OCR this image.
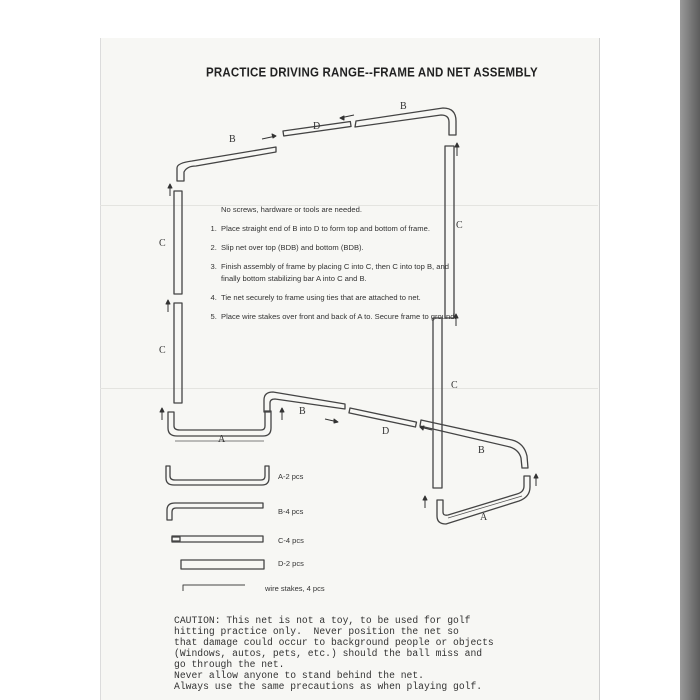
PRACTICE DRIVING RANGE--FRAME AND NET ASSEMBLY
B
B
D
C
C
C
C
A
B
D
B
A
No screws, hardware or tools are needed.
1. Place straight end of B into D to form top and bottom of frame.
2. Slip net over top (BDB) and bottom (BDB).
3. Finish assembly of frame by placing C into C, then C into top B, and finally bottom stabilizing bar A into C and B.
4. Tie net securely to frame using ties that are attached to net.
5. Place wire stakes over front and back of A to. Secure frame to ground.
A-2 pcs
B-4 pcs
C-4 pcs
D-2 pcs
wire stakes, 4 pcs
CAUTION: This net is not a toy, to be used for golf
hitting practice only.  Never position the net so
that damage could occur to background people or objects
(Windows, autos, pets, etc.) should the ball miss and
go through the net.
Never allow anyone to stand behind the net.
Always use the same precautions as when playing golf.
